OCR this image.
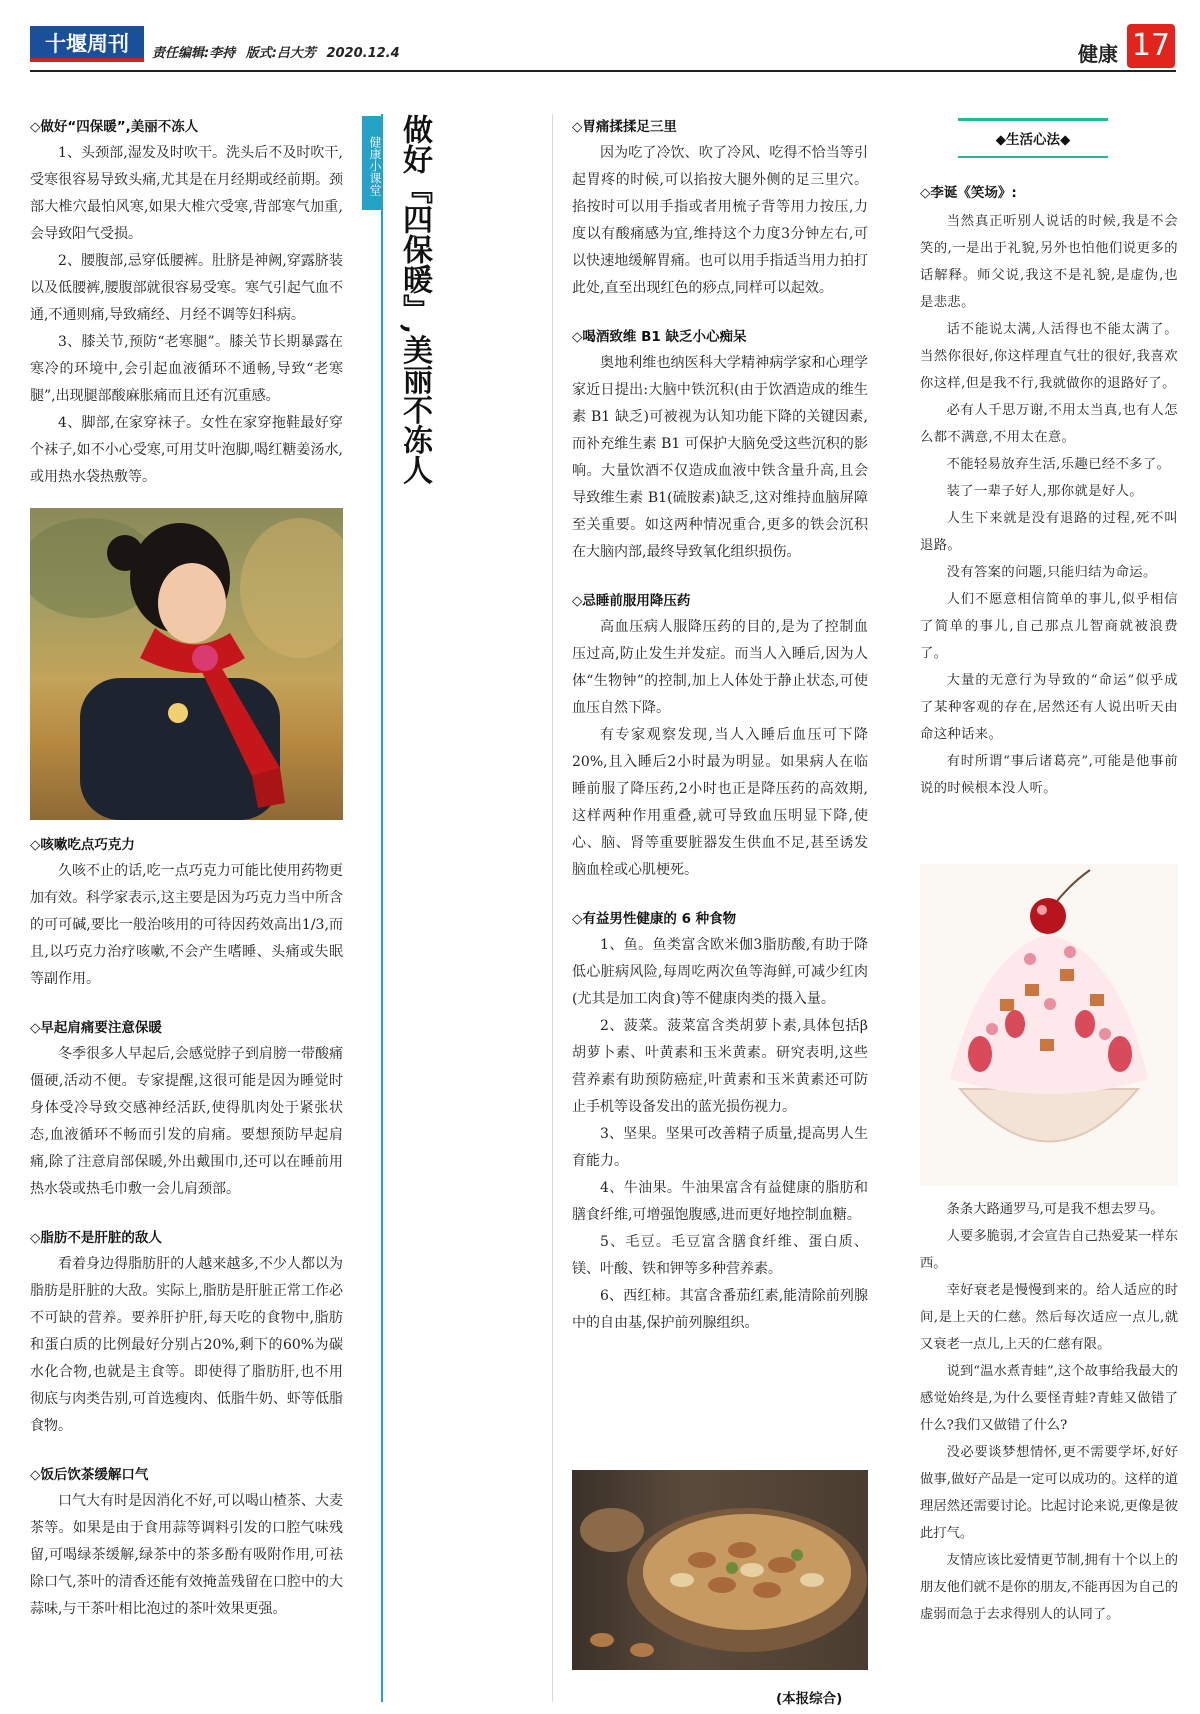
十堰周刊	责任编辑:李持 版式:吕大芳 2020.12.4	健康 17

◇做好“四保暖”,美丽不冻人

1、头颈部,湿发及时吹干。洗头后不及时吹干,受寒很容易导致头痛,尤其是在月经期或经前期。颈部大椎穴最怕风寒,如果大椎穴受寒,背部寒气加重,会导致阳气受损。

2、腰腹部,忌穿低腰裤。肚脐是神阙,穿露脐装以及低腰裤,腰腹部就很容易受寒。寒气引起气血不通,不通则痛,导致痛经、月经不调等妇科病。

3、膝关节,预防“老寒腿”。膝关节长期暴露在寒冷的环境中,会引起血液循环不通畅,导致“老寒腿”,出现腿部酸麻胀痛而且还有沉重感。

4、脚部,在家穿袜子。女性在家穿拖鞋最好穿个袜子,如不小心受寒,可用艾叶泡脚,喝红糖姜汤水,或用热水袋热敷等。

◇咳嗽吃点巧克力

久咳不止的话,吃一点巧克力可能比使用药物更加有效。科学家表示,这主要是因为巧克力当中所含的可可碱,要比一般治咳用的可待因药效高出1/3,而且,以巧克力治疗咳嗽,不会产生嗜睡、头痛或失眠等副作用。

◇早起肩痛要注意保暖

冬季很多人早起后,会感觉脖子到肩膀一带酸痛僵硬,活动不便。专家提醒,这很可能是因为睡觉时身体受冷导致交感神经活跃,使得肌肉处于紧张状态,血液循环不畅而引发的肩痛。要想预防早起肩痛,除了注意肩部保暖,外出戴围巾,还可以在睡前用热水袋或热毛巾敷一会儿肩颈部。

◇脂肪不是肝脏的敌人

看着身边得脂肪肝的人越来越多,不少人都以为脂肪是肝脏的大敌。实际上,脂肪是肝脏正常工作必不可缺的营养。要养肝护肝,每天吃的食物中,脂肪和蛋白质的比例最好分别占20%,剩下的60%为碳水化合物,也就是主食等。即使得了脂肪肝,也不用彻底与肉类告别,可首选瘦肉、低脂牛奶、虾等低脂食物。

◇饭后饮茶缓解口气

口气大有时是因消化不好,可以喝山楂茶、大麦茶等。如果是由于食用蒜等调料引发的口腔气味残留,可喝绿茶缓解,绿茶中的茶多酚有吸附作用,可祛除口气,茶叶的清香还能有效掩盖残留在口腔中的大蒜味,与干茶叶相比泡过的茶叶效果更强。

健康小课堂 做好『四保暖』,美丽不冻人	◇胃痛揉揉足三里

因为吃了冷饮、吹了冷风、吃得不恰当等引起胃疼的时候,可以掐按大腿外侧的足三里穴。掐按时可以用手指或者用梳子背等用力按压,力度以有酸痛感为宜,维持这个力度3分钟左右,可以快速地缓解胃痛。也可以用手指适当用力拍打此处,直至出现红色的痧点,同样可以起效。

◇喝酒致维 B1 缺乏小心痴呆

奥地利维也纳医科大学精神病学家和心理学家近日提出:大脑中铁沉积(由于饮酒造成的维生素 B1 缺乏)可被视为认知功能下降的关键因素,而补充维生素 B1 可保护大脑免受这些沉积的影响。大量饮酒不仅造成血液中铁含量升高,且会导致维生素 B1(硫胺素)缺乏,这对维持血脑屏障至关重要。如这两种情况重合,更多的铁会沉积在大脑内部,最终导致氧化组织损伤。

◇忌睡前服用降压药

高血压病人服降压药的目的,是为了控制血压过高,防止发生并发症。而当人入睡后,因为人体“生物钟”的控制,加上人体处于静止状态,可使血压自然下降。

有专家观察发现,当人入睡后血压可下降20%,且入睡后2小时最为明显。如果病人在临睡前服了降压药,2小时也正是降压药的高效期,这样两种作用重叠,就可导致血压明显下降,使心、脑、肾等重要脏器发生供血不足,甚至诱发脑血栓或心肌梗死。

◇有益男性健康的 6 种食物

1、鱼。鱼类富含欧米伽3脂肪酸,有助于降低心脏病风险,每周吃两次鱼等海鲜,可减少红肉(尤其是加工肉食)等不健康肉类的摄入量。

2、菠菜。菠菜富含类胡萝卜素,具体包括β胡萝卜素、叶黄素和玉米黄素。研究表明,这些营养素有助预防癌症,叶黄素和玉米黄素还可防止手机等设备发出的蓝光损伤视力。

3、坚果。坚果可改善精子质量,提高男人生育能力。

4、牛油果。牛油果富含有益健康的脂肪和膳食纤维,可增强饱腹感,进而更好地控制血糖。

5、毛豆。毛豆富含膳食纤维、蛋白质、镁、叶酸、铁和钾等多种营养素。

6、西红柿。其富含番茄红素,能清除前列腺中的自由基,保护前列腺组织。

(本报综合)
◆生活心法◆

◇李诞《笑场》:

当然真正听别人说话的时候,我是不会笑的,一是出于礼貌,另外也怕他们说更多的话解释。师父说,我这不是礼貌,是虚伪,也是悲悲。

话不能说太满,人活得也不能太满了。当然你很好,你这样理直气壮的很好,我喜欢你这样,但是我不行,我就做你的退路好了。

必有人千思万谢,不用太当真,也有人怎么都不满意,不用太在意。

不能轻易放弃生活,乐趣已经不多了。

装了一辈子好人,那你就是好人。

人生下来就是没有退路的过程,死不叫退路。

没有答案的问题,只能归结为命运。

人们不愿意相信简单的事儿,似乎相信了简单的事儿,自己那点儿智商就被浪费了。

大量的无意行为导致的“命运”似乎成了某种客观的存在,居然还有人说出听天由命这种话来。

有时所谓“事后诸葛亮”,可能是他事前说的时候根本没人听。

条条大路通罗马,可是我不想去罗马。

人要多脆弱,才会宣告自己热爱某一样东西。

幸好衰老是慢慢到来的。给人适应的时间,是上天的仁慈。然后每次适应一点儿,就又衰老一点儿,上天的仁慈有限。

说到“温水煮青蛙”,这个故事给我最大的感觉始终是,为什么要怪青蛙?青蛙又做错了什么?我们又做错了什么?

没必要谈梦想情怀,更不需要学坏,好好做事,做好产品是一定可以成功的。这样的道理居然还需要讨论。比起讨论来说,更像是彼此打气。

友情应该比爱情更节制,拥有十个以上的朋友他们就不是你的朋友,不能再因为自己的虚弱而急于去求得别人的认同了。
